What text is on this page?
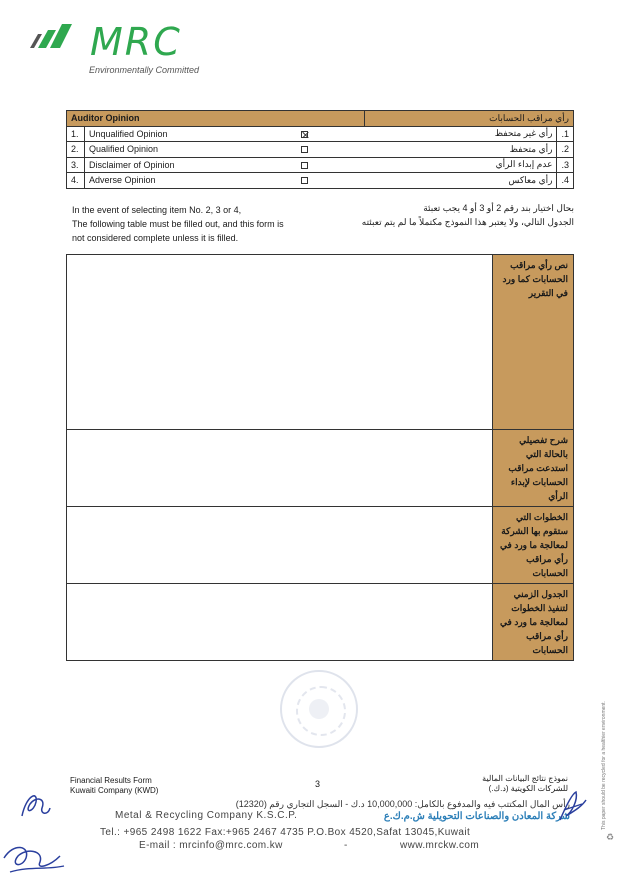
MRC
Environmentally Committed
Auditor Opinion			رأي مراقب الحسابات	
1.	Unqualified Opinion		رأي غير متحفظ	.1
2.	Qualified Opinion		رأي متحفظ	.2
3.	Disclaimer of Opinion		عدم إبداء الرأي	.3
4.	Adverse Opinion		رأي معاكس	.4
In the event of selecting item No. 2, 3 or 4,
The following table must be filled out, and this form is
not considered complete unless it is filled.
بحال اختيار بند رقم 2 أو 3 أو 4 يجب تعبئة
الجدول التالي، ولا يعتبر هذا النموذج مكتملاً ما لم يتم تعبئته
	نص رأي مراقب الحسابات كما ورد في التقرير
	شرح تفصيلي بالحالة التي استدعت مراقب الحسابات لإبداء الرأي
	الخطوات التي ستقوم بها الشركة لمعالجة ما ورد في رأي مراقب الحسابات
	الجدول الزمني لتنفيذ الخطوات لمعالجة ما ورد في رأي مراقب الحسابات
This paper should be recycled for a healthier environment.
♻
Financial Results Form
Kuwaiti Company (KWD)
3
نموذج نتائج البيانات المالية
للشركات الكويتية (د.ك.)
رأس المال المكتتب فيه والمدفوع بالكامل: 10,000,000 د.ك - السجل التجاري رقم (12320)
Metal & Recycling Company K.S.C.P.	شركة المعادن والصناعات التحويلية ش.م.ك.ع
Tel.: +965 2498 1622 Fax:+965 2467 4735 P.O.Box 4520,Safat 13045,Kuwait
E-mail : mrcinfo@mrc.com.kw	-	www.mrckw.com
